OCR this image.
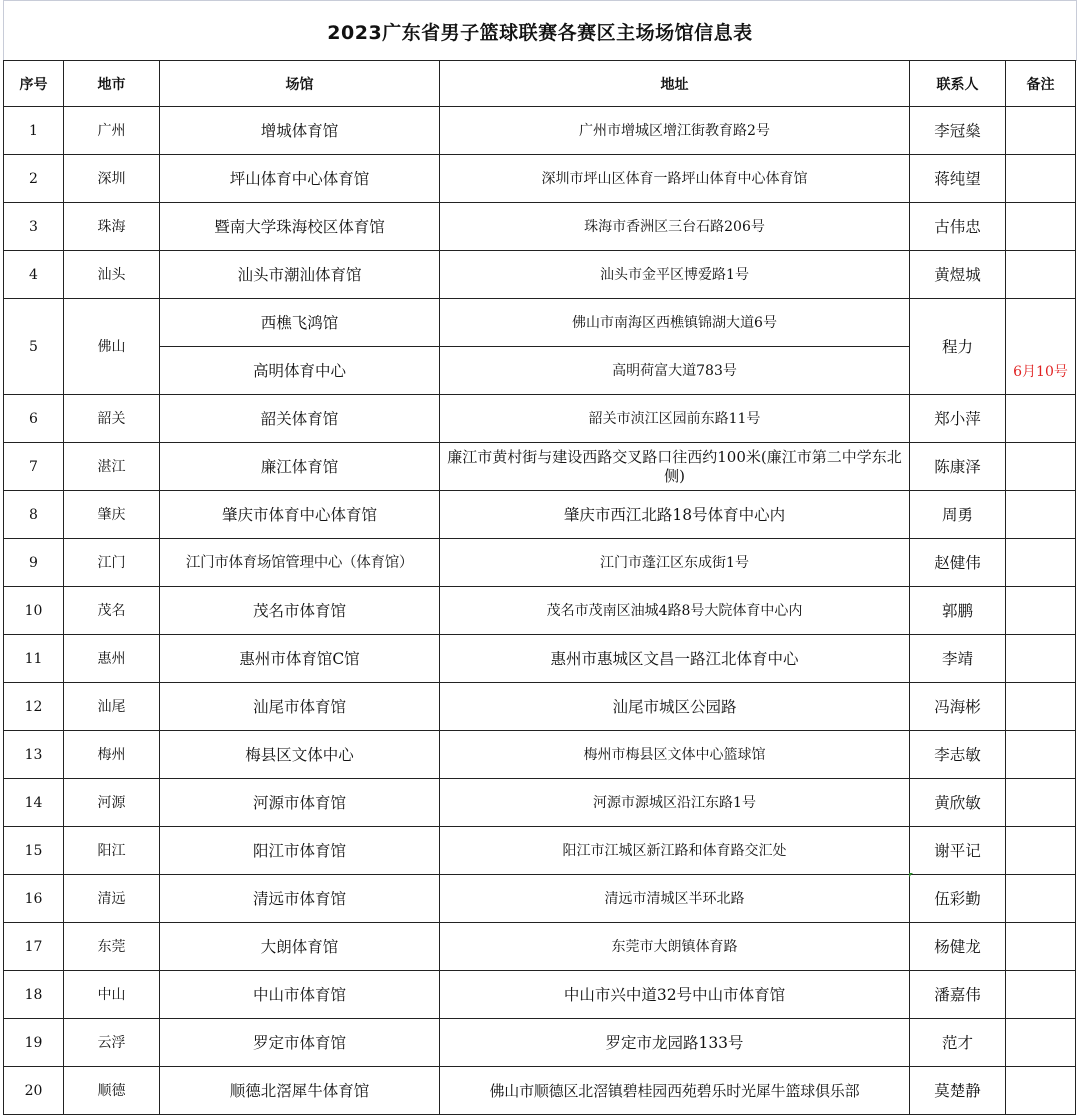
2023广东省男子篮球联赛各赛区主场场馆信息表
序号	地市	场馆	地址	联系人	备注
1	广州	增城体育馆	广州市增城区增江街教育路2号	李冠燊	
2	深圳	坪山体育中心体育馆	深圳市坪山区体育一路坪山体育中心体育馆	蒋纯望	
3	珠海	暨南大学珠海校区体育馆	珠海市香洲区三台石路206号	古伟忠	
4	汕头	汕头市潮汕体育馆	汕头市金平区博爱路1号	黄煜城	
5	佛山	西樵飞鸿馆	佛山市南海区西樵镇锦湖大道6号	程力	6月10号
		高明体育中心	高明荷富大道783号		
6	韶关	韶关体育馆	韶关市浈江区园前东路11号	郑小萍	
7	湛江	廉江体育馆	廉江市黄村街与建设西路交叉路口往西约100米(廉江市第二中学东北侧)	陈康泽	
8	肇庆	肇庆市体育中心体育馆	肇庆市西江北路18号体育中心内	周勇	
9	江门	江门市体育场馆管理中心（体育馆）	江门市蓬江区东成街1号	赵健伟	
10	茂名	茂名市体育馆	茂名市茂南区油城4路8号大院体育中心内	郭鹏	
11	惠州	惠州市体育馆C馆	惠州市惠城区文昌一路江北体育中心	李靖	
12	汕尾	汕尾市体育馆	汕尾市城区公园路	冯海彬	
13	梅州	梅县区文体中心	梅州市梅县区文体中心篮球馆	李志敏	
14	河源	河源市体育馆	河源市源城区沿江东路1号	黄欣敏	
15	阳江	阳江市体育馆	阳江市江城区新江路和体育路交汇处	谢平记	
16	清远	清远市体育馆	清远市清城区半环北路	伍彩勤	
17	东莞	大朗体育馆	东莞市大朗镇体育路	杨健龙	
18	中山	中山市体育馆	中山市兴中道32号中山市体育馆	潘嘉伟	
19	云浮	罗定市体育馆	罗定市龙园路133号	范才	
20	顺德	顺德北滘犀牛体育馆	佛山市顺德区北滘镇碧桂园西苑碧乐时光犀牛篮球俱乐部	莫楚静	
